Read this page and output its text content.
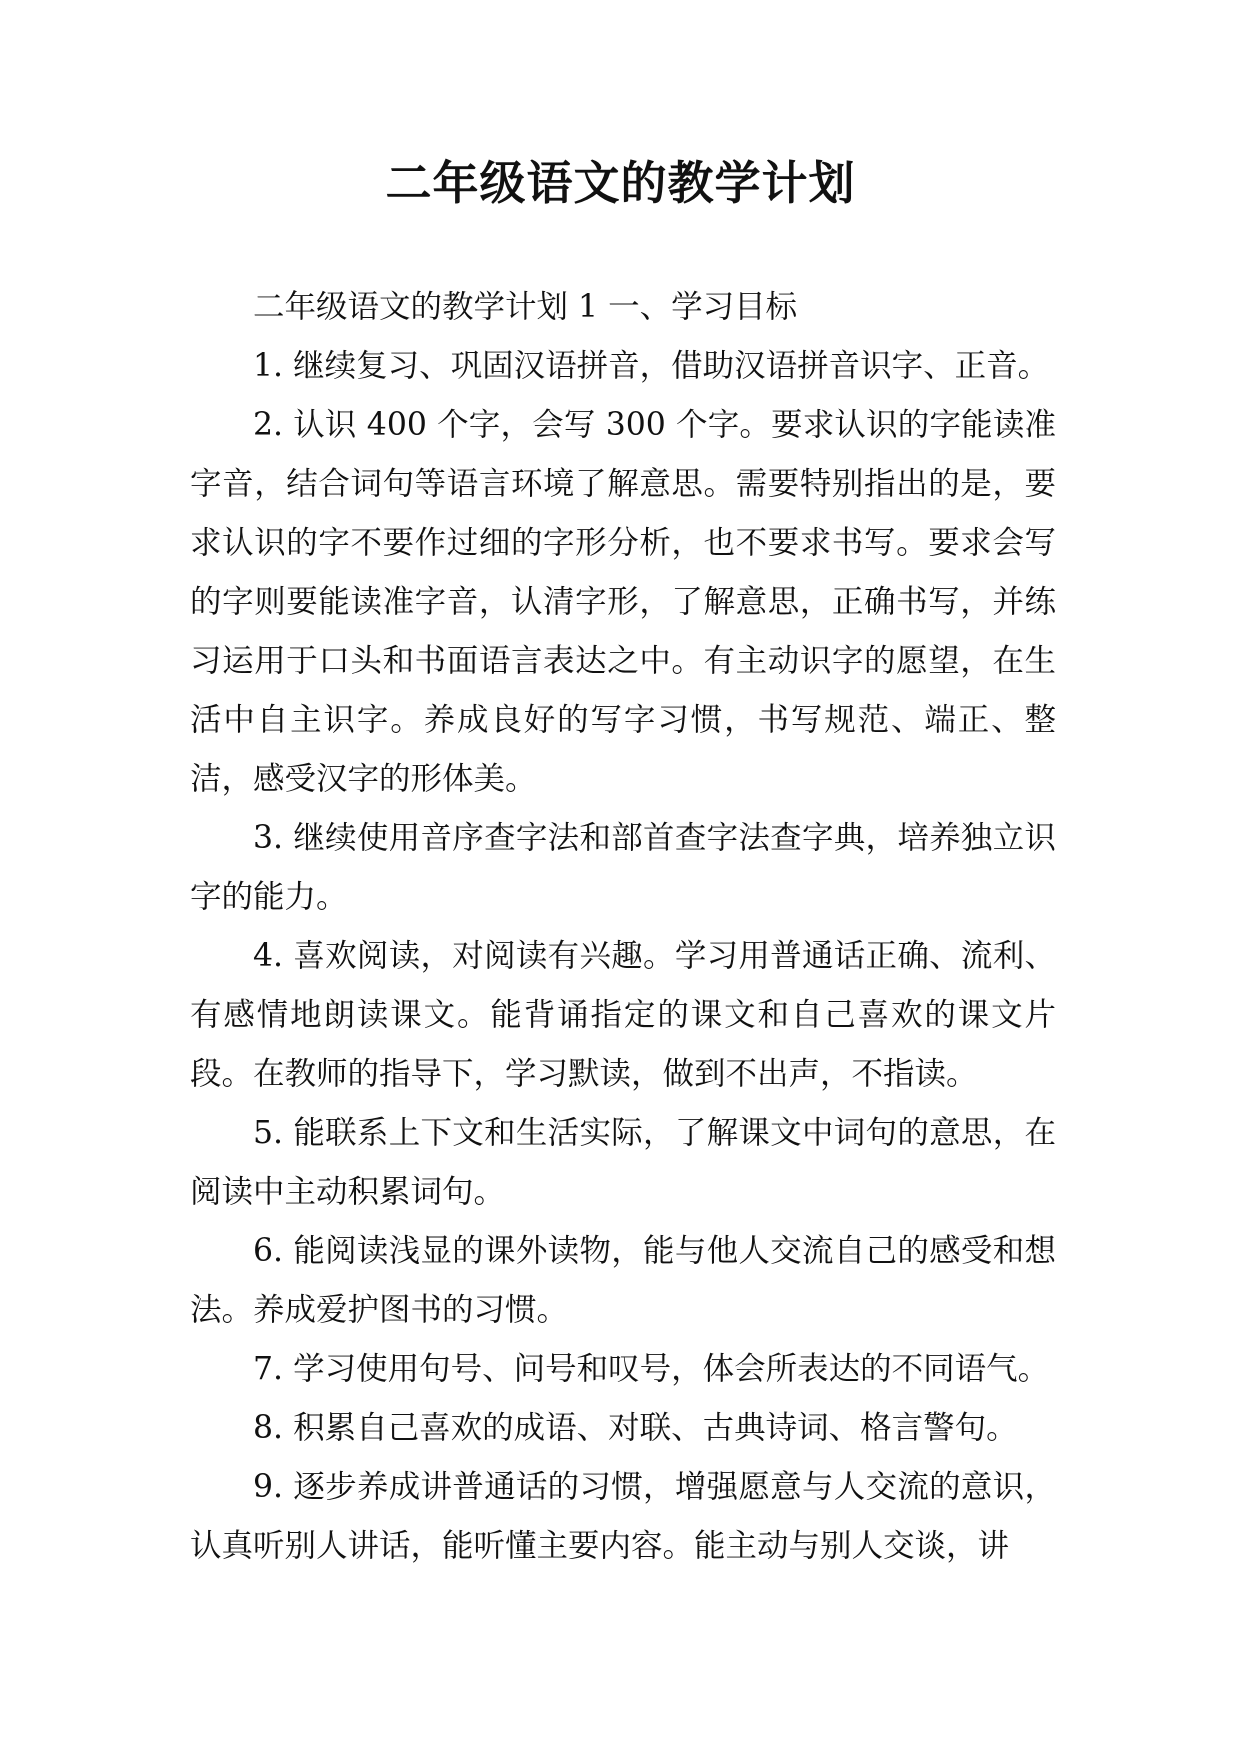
二年级语文的教学计划

二年级语文的教学计划 1 一、学习目标

1. 继续复习、巩固汉语拼音，借助汉语拼音识字、正音。

2. 认识 400 个字，会写 300 个字。要求认识的字能读准字音，结合词句等语言环境了解意思。需要特别指出的是，要求认识的字不要作过细的字形分析，也不要求书写。要求会写的字则要能读准字音，认清字形，了解意思，正确书写，并练习运用于口头和书面语言表达之中。有主动识字的愿望，在生活中自主识字。养成良好的写字习惯，书写规范、端正、整洁，感受汉字的形体美。

3. 继续使用音序查字法和部首查字法查字典，培养独立识字的能力。

4. 喜欢阅读，对阅读有兴趣。学习用普通话正确、流利、有感情地朗读课文。能背诵指定的课文和自己喜欢的课文片段。在教师的指导下，学习默读，做到不出声，不指读。

5. 能联系上下文和生活实际，了解课文中词句的意思，在阅读中主动积累词句。

6. 能阅读浅显的课外读物，能与他人交流自己的感受和想法。养成爱护图书的习惯。

7. 学习使用句号、问号和叹号，体会所表达的不同语气。

8. 积累自己喜欢的成语、对联、古典诗词、格言警句。

9. 逐步养成讲普通话的习惯，增强愿意与人交流的意识，认真听别人讲话，能听懂主要内容。能主动与别人交谈，讲
